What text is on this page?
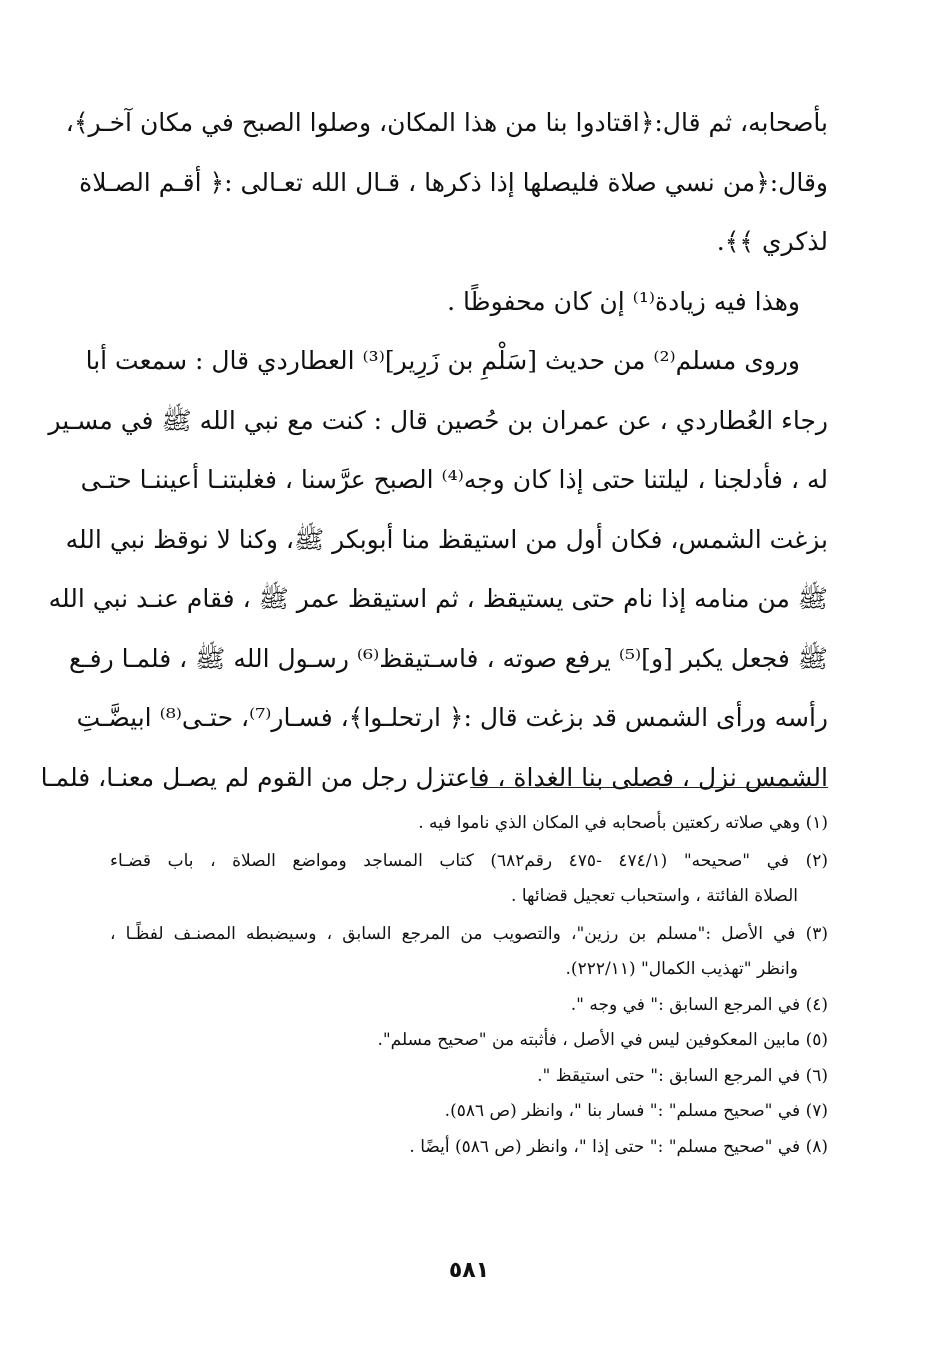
بأصحابه، ثم قال:﴿اقتادوا بنا من هذا المكان، وصلوا الصبح في مكان آخـر﴾،
وقال:﴿من نسي صلاة فليصلها إذا ذكرها ، قـال الله تعـالى :﴿ أقـم الصـلاة
لذكري ﴾﴾.
وهذا فيه زيادة⁽¹⁾ إن كان محفوظًا .
وروى مسلم⁽²⁾ من حديث [سَلْمِ بن زَرِير]⁽³⁾ العطاردي قال : سمعت أبا
رجاء العُطاردي ، عن عمران بن حُصين قال : كنت مع نبي الله ﷺ في مسـير
له ، فأدلجنا ، ليلتنا حتى إذا كان وجه⁽⁴⁾ الصبح عرَّسنا ، فغلبتنـا أعيننـا حتـى
بزغت الشمس، فكان أول من استيقظ منا أبوبكر ﷺ، وكنا لا نوقظ نبي الله
ﷺ من منامه إذا نام حتى يستيقظ ، ثم استيقظ عمر ﷺ ، فقام عنـد نبي الله
ﷺ فجعل يكبر [و]⁽⁵⁾ يرفع صوته ، فاسـتيقظ⁽⁶⁾ رسـول الله ﷺ ، فلمـا رفـع
رأسه ورأى الشمس قد بزغت قال :﴿ ارتحلـوا﴾، فسـار⁽⁷⁾، حتـى⁽⁸⁾ ابيضَّـتِ
الشمس نزل ، فصلى بنا الغداة ، فاعتزل رجل من القوم لم يصـل معنـا، فلمـا
(١) وهي صلاته ركعتين بأصحابه في المكان الذي ناموا فيه .
(٢) في "صحيحه" (٤٧٤/١ -٤٧٥ رقم٦٨٢) كتاب المساجد ومواضع الصلاة ، باب قضـاء
الصلاة الفائتة ، واستحباب تعجيل قضائها .
(٣) في الأصل :"مسلم بن رزين"، والتصويب من المرجع السابق ، وسيضبطه المصنـف لفظًـا ،
وانظر "تهذيب الكمال" (٢٢٢/١١).
(٤) في المرجع السابق :" في وجه ".
(٥) مابين المعكوفين ليس في الأصل ، فأثبته من "صحيح مسلم".
(٦) في المرجع السابق :" حتى استيقظ ".
(٧) في "صحيح مسلم" :" فسار بنا "، وانظر (ص ٥٨٦).
(٨) في "صحيح مسلم" :" حتى إذا "، وانظر (ص ٥٨٦) أيضًا .
٥٨١
